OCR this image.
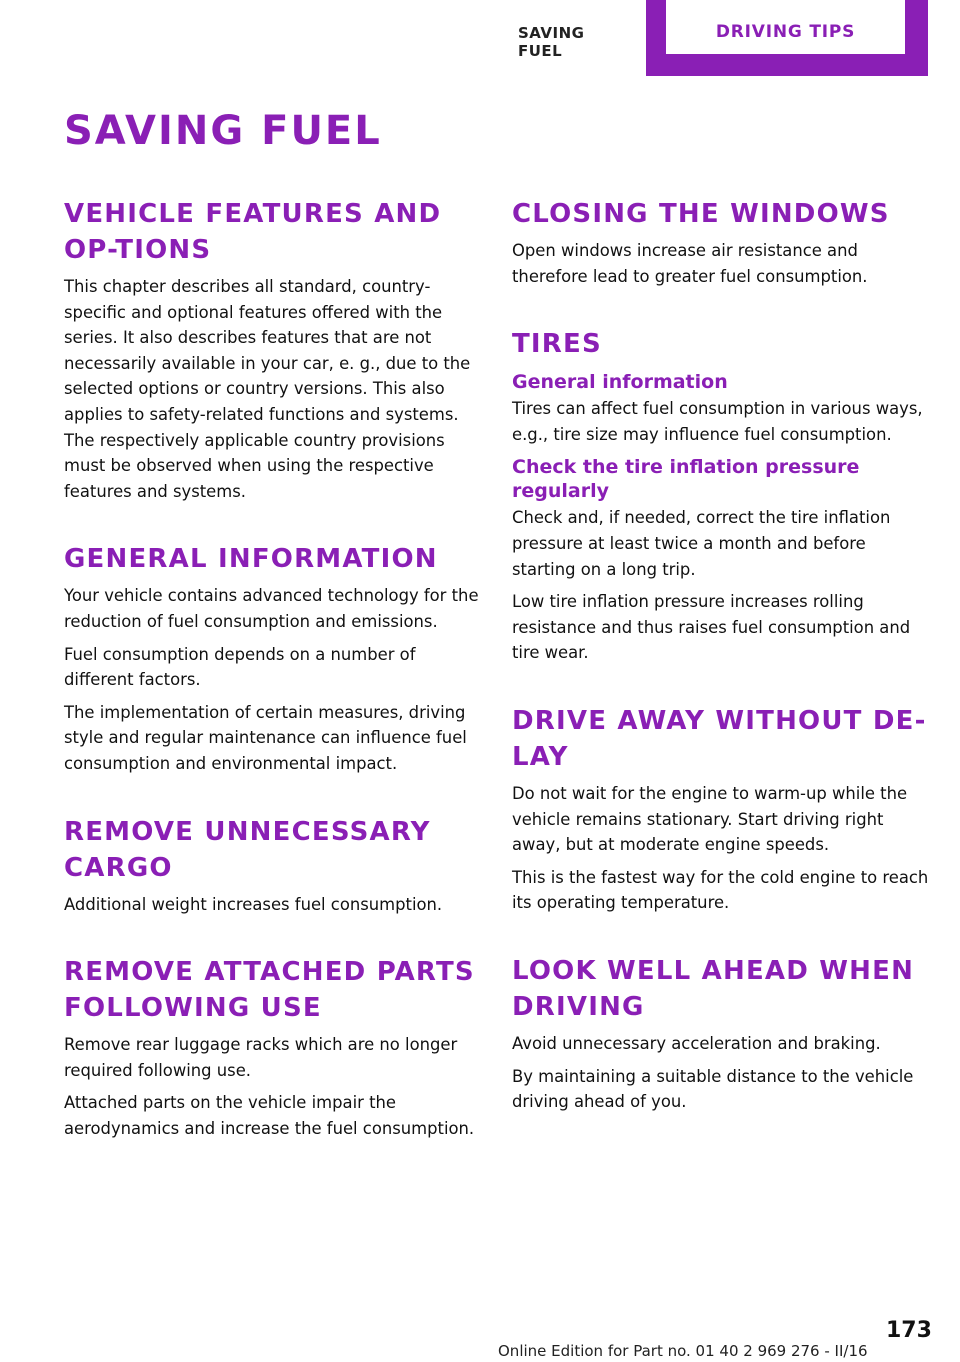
SAVING FUEL
DRIVING TIPS
SAVING FUEL
VEHICLE FEATURES AND OP-TIONS

This chapter describes all standard, country-specific and optional features offered with the series. It also describes features that are not necessarily available in your car, e. g., due to the selected options or country versions. This also applies to safety-related functions and systems. The respectively applicable country provisions must be observed when using the respective features and systems.

GENERAL INFORMATION

Your vehicle contains advanced technology for the reduction of fuel consumption and emissions.

Fuel consumption depends on a number of different factors.

The implementation of certain measures, driving style and regular maintenance can influence fuel consumption and environmental impact.

REMOVE UNNECESSARY CARGO

Additional weight increases fuel consumption.

REMOVE ATTACHED PARTS FOLLOWING USE

Remove rear luggage racks which are no longer required following use.

Attached parts on the vehicle impair the aerodynamics and increase the fuel consumption.

CLOSING THE WINDOWS

Open windows increase air resistance and therefore lead to greater fuel consumption.

TIRES
General information

Tires can affect fuel consumption in various ways, e.g., tire size may influence fuel consumption.

Check the tire inflation pressure regularly

Check and, if needed, correct the tire inflation pressure at least twice a month and before starting on a long trip.

Low tire inflation pressure increases rolling resistance and thus raises fuel consumption and tire wear.

DRIVE AWAY WITHOUT DE-LAY

Do not wait for the engine to warm-up while the vehicle remains stationary. Start driving right away, but at moderate engine speeds.

This is the fastest way for the cold engine to reach its operating temperature.

LOOK WELL AHEAD WHEN DRIVING

Avoid unnecessary acceleration and braking.

By maintaining a suitable distance to the vehicle driving ahead of you.

173
Online Edition for Part no. 01 40 2 969 276 - II/16
